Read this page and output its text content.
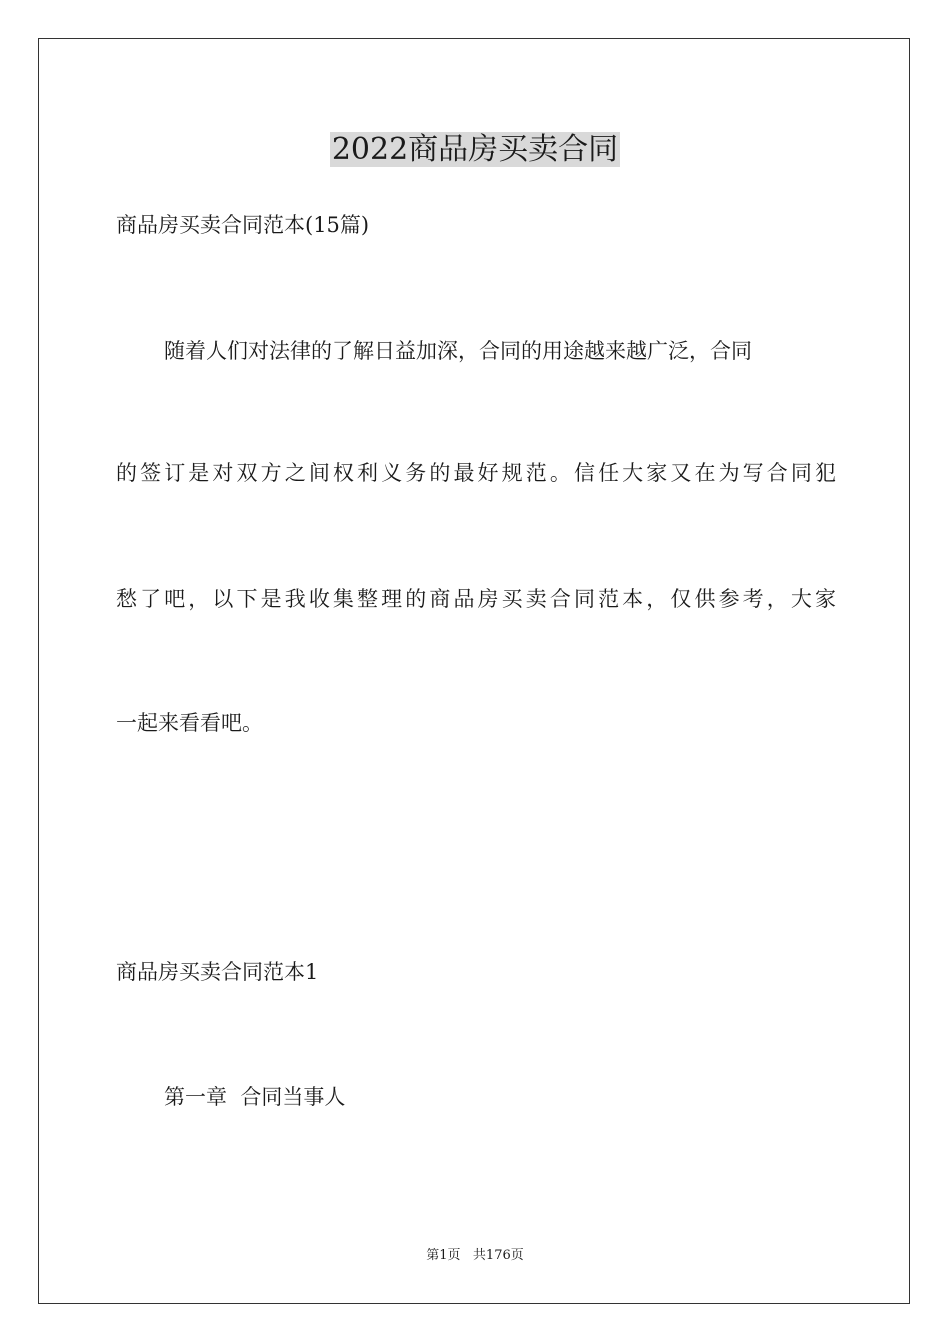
2022商品房买卖合同

商品房买卖合同范本(15篇)

随着人们对法律的了解日益加深，合同的用途越来越广泛，合同

的签订是对双方之间权利义务的最好规范。信任大家又在为写合同犯

愁了吧，以下是我收集整理的商品房买卖合同范本，仅供参考，大家

一起来看看吧。

商品房买卖合同范本1

第一章  合同当事人

第1页   共176页
